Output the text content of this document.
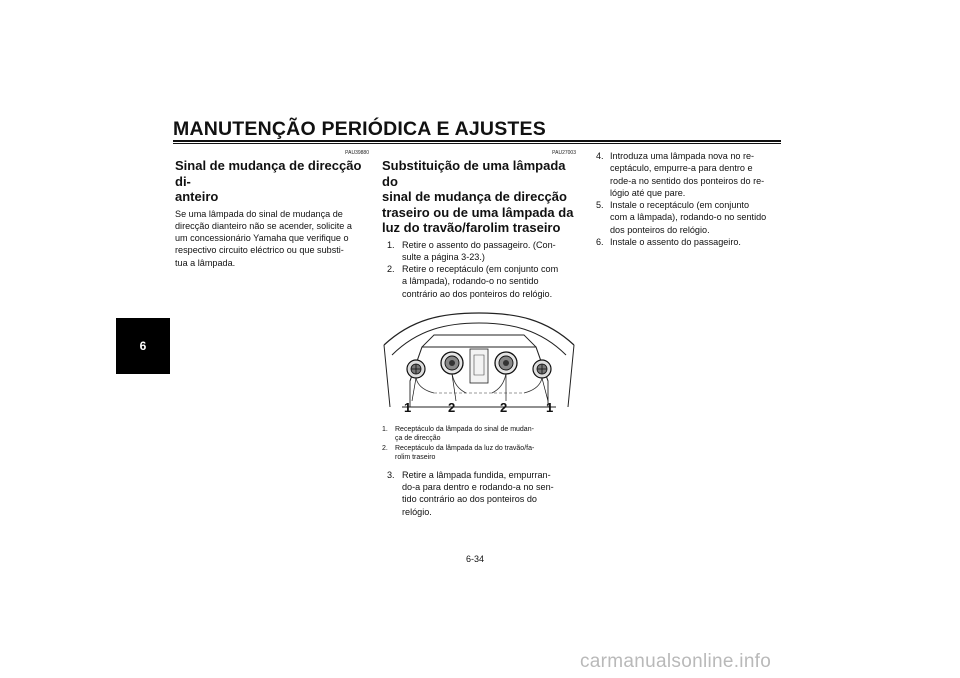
MANUTENÇÃO PERIÓDICA E AJUSTES
6
PAU39880
Sinal de mudança de direcção di-
anteiro
Se uma lâmpada do sinal de mudança de
direcção dianteiro não se acender, solicite a
um concessionário Yamaha que verifique o
respectivo circuito eléctrico ou que substi-
tua a lâmpada.
PAU27003
Substituição de uma lâmpada do
sinal de mudança de direcção
traseiro ou de uma lâmpada da
luz do travão/farolim traseiro
1. Retire o assento do passageiro. (Con-
sulte a página 3-23.)
2. Retire o receptáculo (em conjunto com
a lâmpada), rodando-o no sentido
contrário ao dos ponteiros do relógio.
1	2	2	1
1. Receptáculo da lâmpada do sinal de mudan-
ça de direcção
2. Receptáculo da lâmpada da luz do travão/fa-
rolim traseiro
3. Retire a lâmpada fundida, empurran-
do-a para dentro e rodando-a no sen-
tido contrário ao dos ponteiros do
relógio.
4. Introduza uma lâmpada nova no re-
ceptáculo, empurre-a para dentro e
rode-a no sentido dos ponteiros do re-
lógio até que pare.
5. Instale o receptáculo (em conjunto
com a lâmpada), rodando-o no sentido
dos ponteiros do relógio.
6. Instale o assento do passageiro.
6-34
carmanualsonline.info
